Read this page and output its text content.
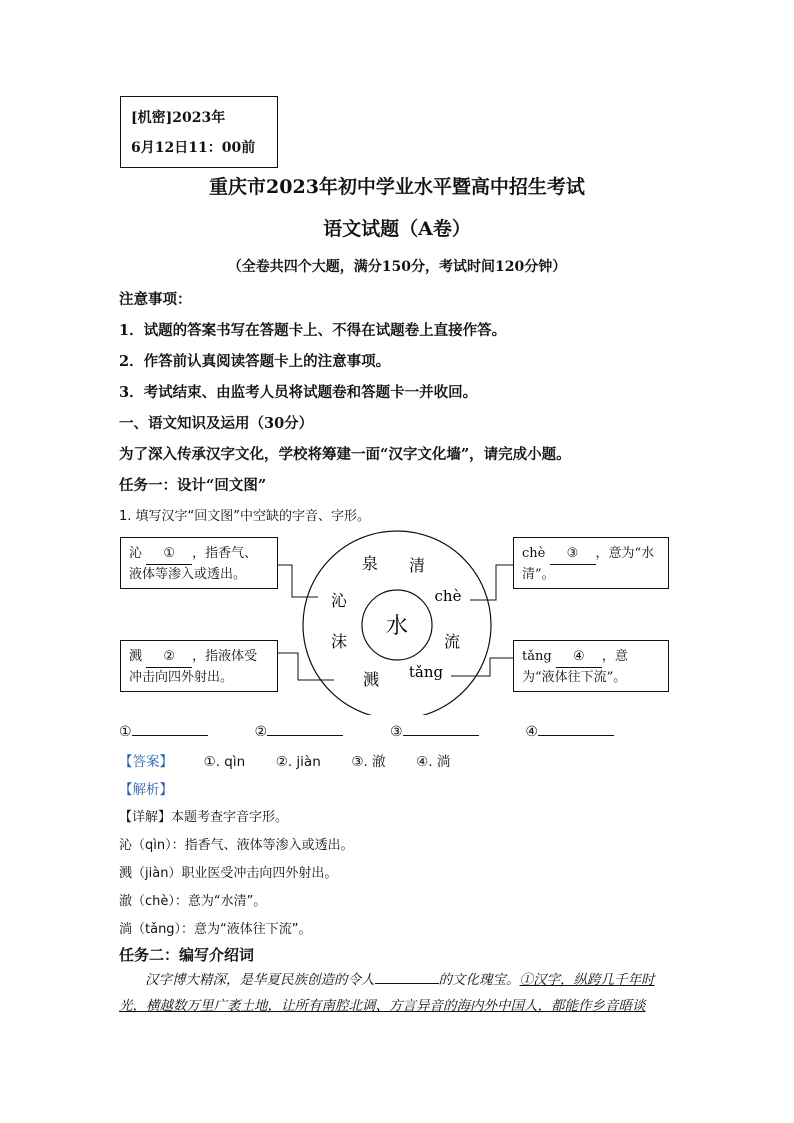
[机密]2023年
6月12日11：00前
重庆市2023年初中学业水平暨高中招生考试
语文试题（A卷）
（全卷共四个大题，满分150分，考试时间120分钟）
注意事项：
1．试题的答案书写在答题卡上、不得在试题卷上直接作答。
2．作答前认真阅读答题卡上的注意事项。
3．考试结束、由监考人员将试题卷和答题卡一并收回。
一、语文知识及运用（30分）
为了深入传承汉字文化，学校将筹建一面“汉字文化墙”，请完成小题。
任务一：设计“回文图”
1. 填写汉字“回文图”中空缺的字音、字形。
水
泉 清
chè
流
tǎng
溅
沫
沁
沁 ① ，指香气、液体等渗入或透出。
溅 ② ，指液体受冲击向四外射出。
chè ③ ，意为“水清”。
tǎng ④ ，意为“液体往下流”。
①	②	③	④
【答案】 ①. qìn ②. jiàn ③. 澈 ④. 淌
【解析】
【详解】本题考查字音字形。
沁（qìn）：指香气、液体等渗入或透出。
溅（jiàn）职业医受冲击向四外射出。
澈（chè）：意为“水清”。
淌（tǎng）：意为“液体往下流”。
任务二：编写介绍词
汉字博大精深，是华夏民族创造的令人	的文化瑰宝。①汉字，纵跨几千年时
光，横越数万里广袤土地，让所有南腔北调、方言异音的海内外中国人，都能作乡音晤谈
